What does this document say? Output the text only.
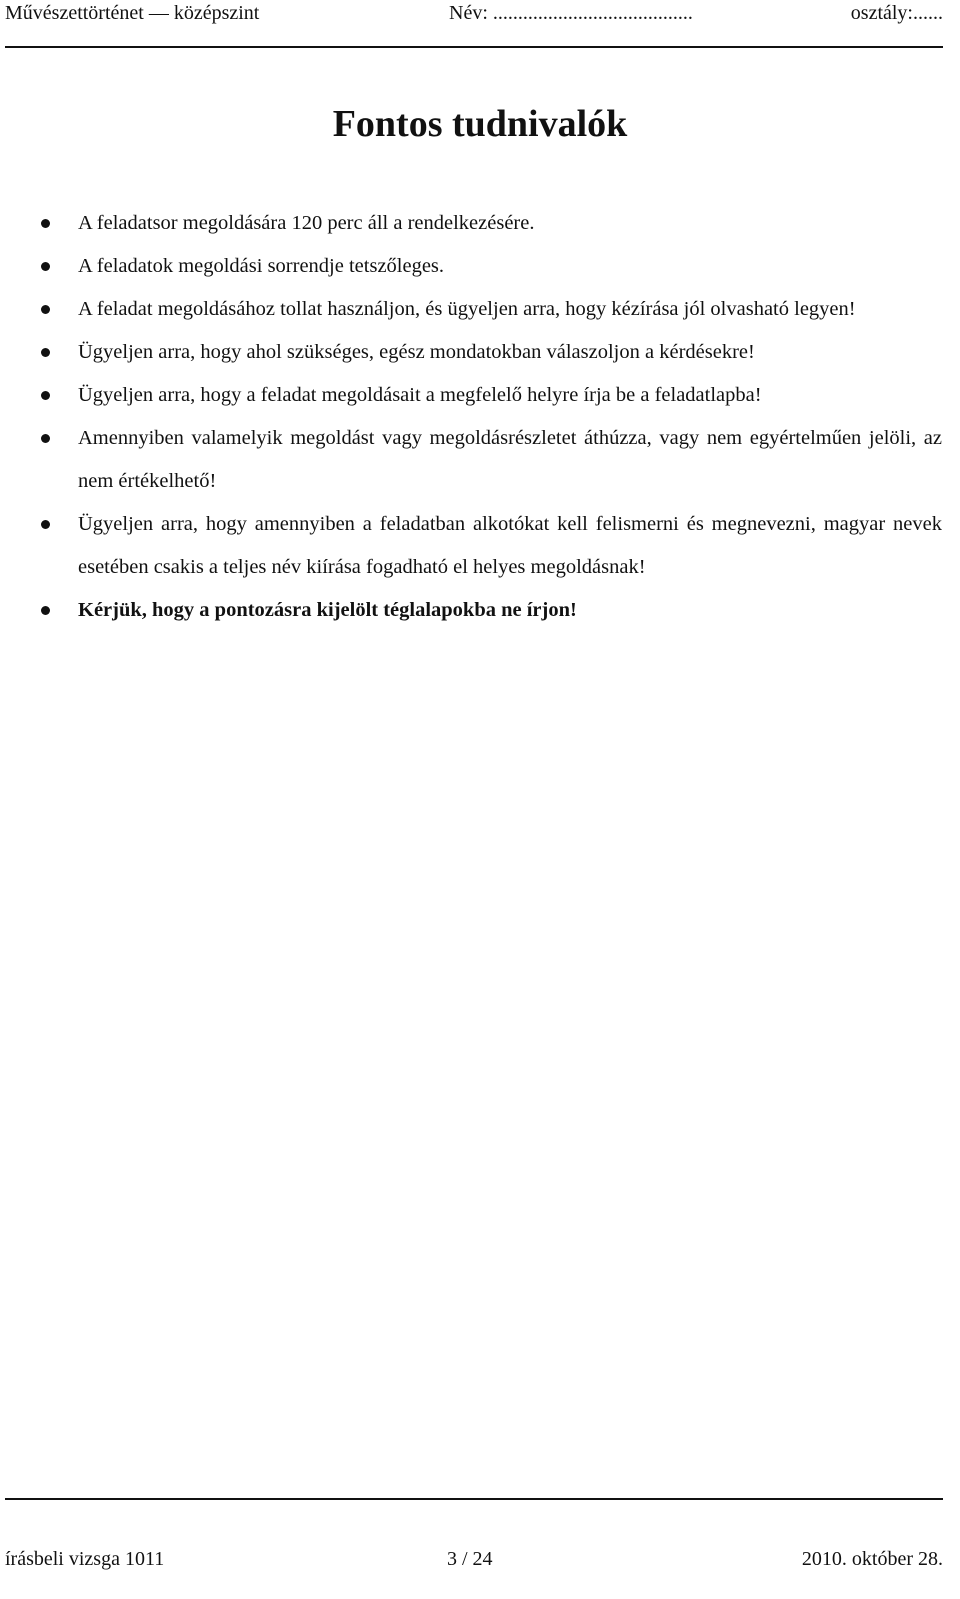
Művészettörténet — középszint	Név: ........................................	osztály:......
Fontos tudnivalók
A feladatsor megoldására 120 perc áll a rendelkezésére.
A feladatok megoldási sorrendje tetszőleges.
A feladat megoldásához tollat használjon, és ügyeljen arra, hogy kézírása jól olvasható legyen!
Ügyeljen arra, hogy ahol szükséges, egész mondatokban válaszoljon a kérdésekre!
Ügyeljen arra, hogy a feladat megoldásait a megfelelő helyre írja be a feladatlapba!
Amennyiben valamelyik megoldást vagy megoldásrészletet áthúzza, vagy nem egyértelműen jelöli, az nem értékelhető!
Ügyeljen arra, hogy amennyiben a feladatban alkotókat kell felismerni és megnevezni, magyar nevek esetében csakis a teljes név kiírása fogadható el helyes megoldásnak!
Kérjük, hogy a pontozásra kijelölt téglalapokba ne írjon!
írásbeli vizsga 1011	3 / 24	2010. október 28.
